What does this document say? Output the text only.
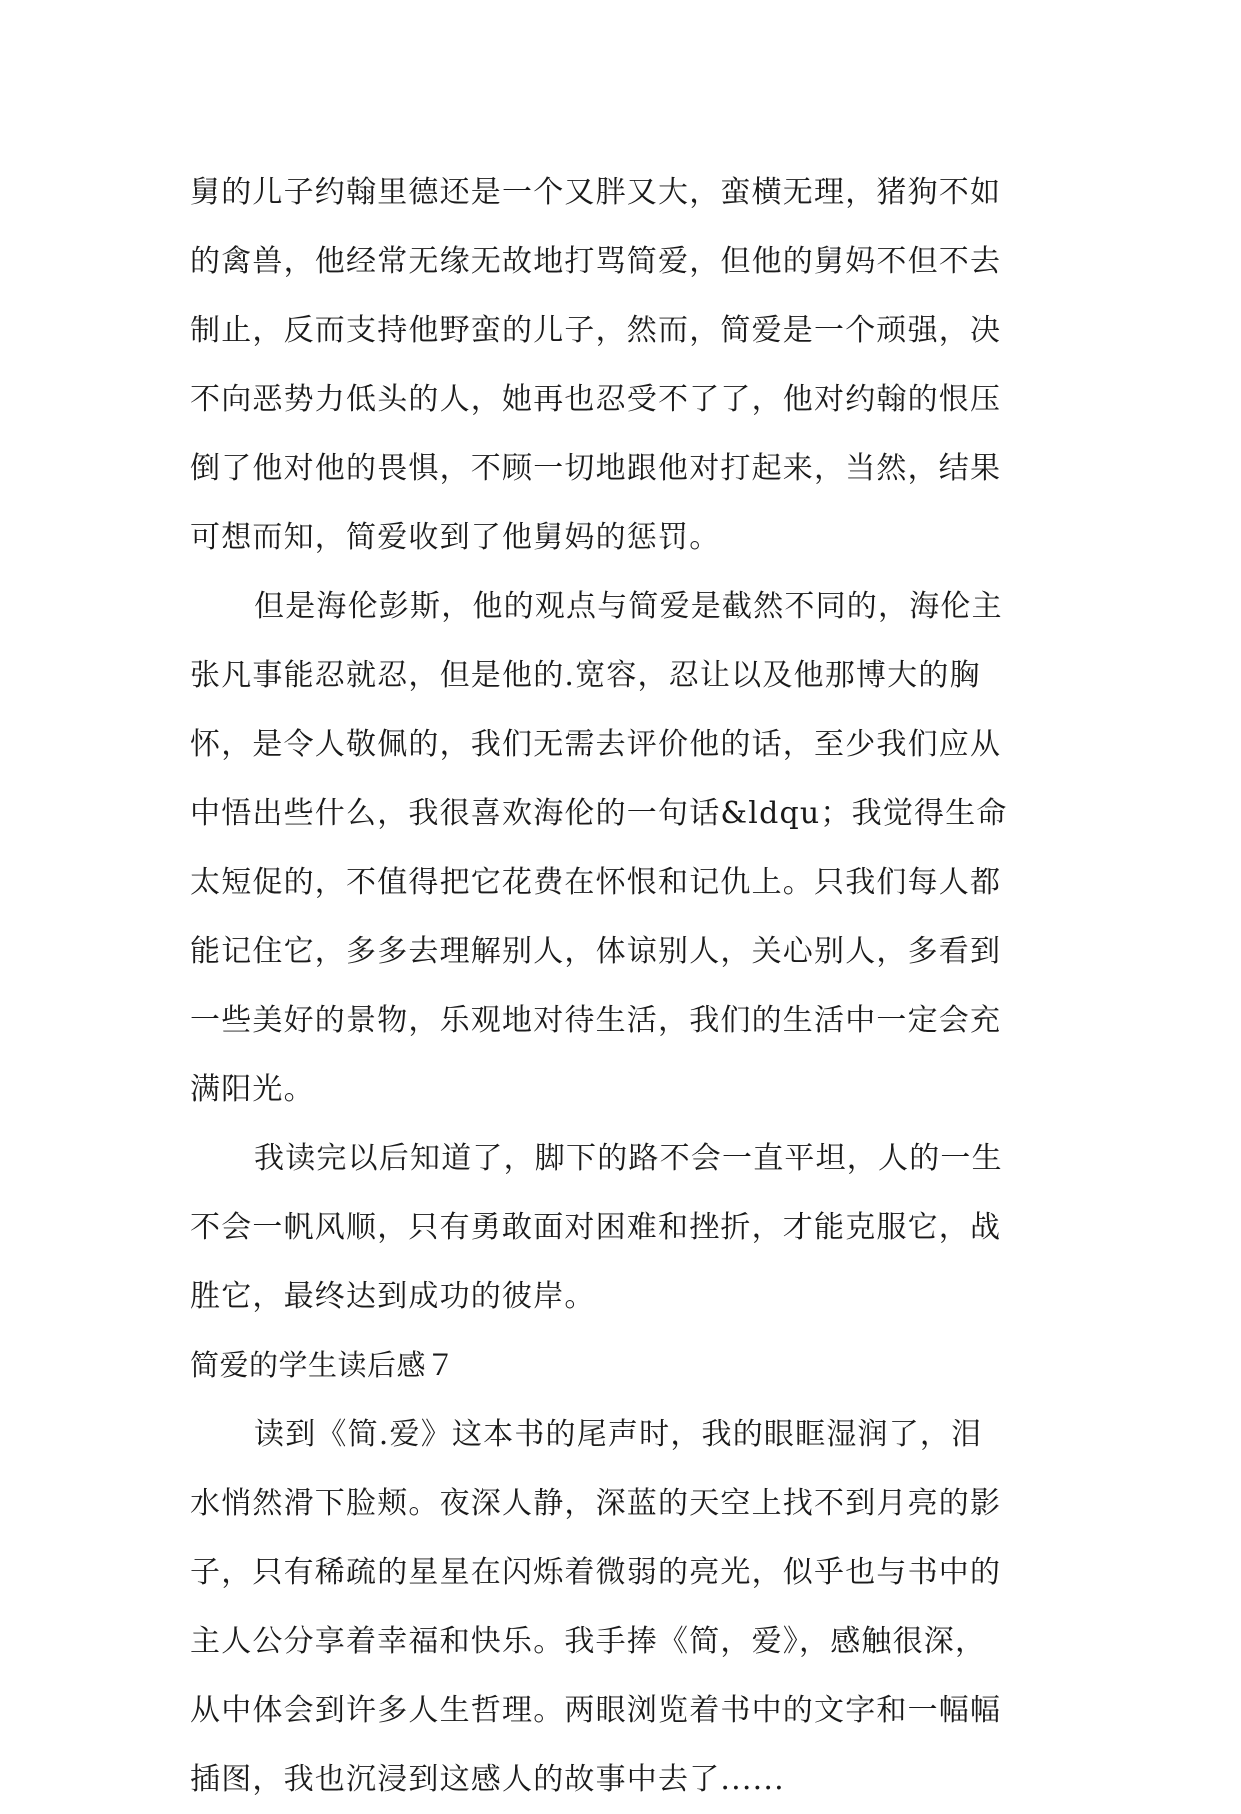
舅的儿子约翰里德还是一个又胖又大，蛮横无理，猪狗不如
的禽兽，他经常无缘无故地打骂简爱，但他的舅妈不但不去
制止，反而支持他野蛮的儿子，然而，简爱是一个顽强，决
不向恶势力低头的人，她再也忍受不了了，他对约翰的恨压
倒了他对他的畏惧，不顾一切地跟他对打起来，当然，结果
可想而知，简爱收到了他舅妈的惩罚。
但是海伦彭斯，他的观点与简爱是截然不同的，海伦主
张凡事能忍就忍，但是他的.宽容，忍让以及他那博大的胸
怀，是令人敬佩的，我们无需去评价他的话，至少我们应从
中悟出些什么，我很喜欢海伦的一句话&ldqu；我觉得生命
太短促的，不值得把它花费在怀恨和记仇上。只我们每人都
能记住它，多多去理解别人，体谅别人，关心别人，多看到
一些美好的景物，乐观地对待生活，我们的生活中一定会充
满阳光。
我读完以后知道了，脚下的路不会一直平坦，人的一生
不会一帆风顺，只有勇敢面对困难和挫折，才能克服它，战
胜它，最终达到成功的彼岸。
简爱的学生读后感７
读到《简.爱》这本书的尾声时，我的眼眶湿润了，泪
水悄然滑下脸颊。夜深人静，深蓝的天空上找不到月亮的影
子，只有稀疏的星星在闪烁着微弱的亮光，似乎也与书中的
主人公分享着幸福和快乐。我手捧《简，爱》，感触很深，
从中体会到许多人生哲理。两眼浏览着书中的文字和一幅幅
插图，我也沉浸到这感人的故事中去了......
